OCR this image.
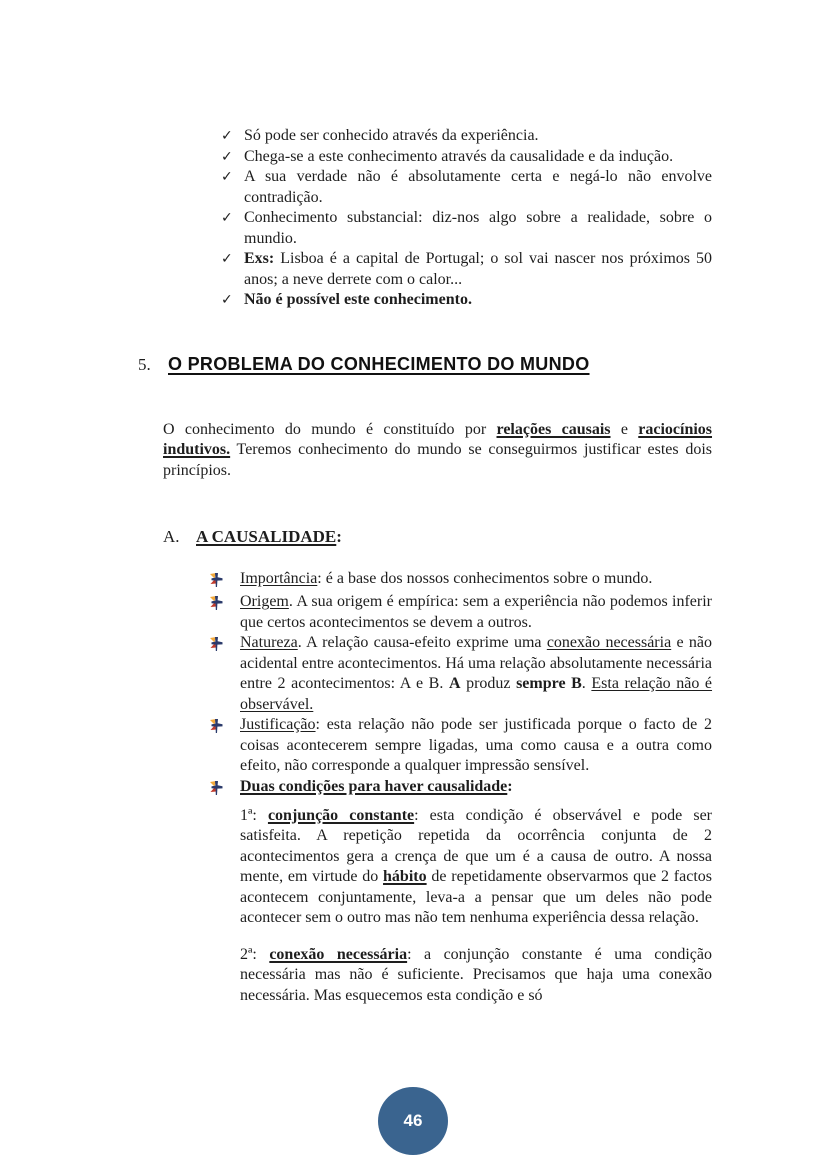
✓ Só pode ser conhecido através da experiência.
✓ Chega-se a este conhecimento através da causalidade e da indução.
✓ A sua verdade não é absolutamente certa e negá-lo não envolve contradição.
✓ Conhecimento substancial: diz-nos algo sobre a realidade, sobre o mundio.
✓ Exs: Lisboa é a capital de Portugal; o sol vai nascer nos próximos 50 anos; a neve derrete com o calor...
✓ Não é possível este conhecimento.
5. O PROBLEMA DO CONHECIMENTO DO MUNDO

O conhecimento do mundo é constituído por relações causais e raciocínios indutivos. Teremos conhecimento do mundo se conseguirmos justificar estes dois princípios.

A. A CAUSALIDADE:
Importância: é a base dos nossos conhecimentos sobre o mundo.
Origem. A sua origem é empírica: sem a experiência não podemos inferir que certos acontecimentos se devem a outros.
Natureza. A relação causa-efeito exprime uma conexão necessária e não acidental entre acontecimentos. Há uma relação absolutamente necessária entre 2 acontecimentos: A e B. A produz sempre B. Esta relação não é observável.
Justificação: esta relação não pode ser justificada porque o facto de 2 coisas acontecerem sempre ligadas, uma como causa e a outra como efeito, não corresponde a qualquer impressão sensível.
Duas condições para haver causalidade:

1ª: conjunção constante: esta condição é observável e pode ser satisfeita. A repetição repetida da ocorrência conjunta de 2 acontecimentos gera a crença de que um é a causa de outro. A nossa mente, em virtude do hábito de repetidamente observarmos que 2 factos acontecem conjuntamente, leva-a a pensar que um deles não pode acontecer sem o outro mas não tem nenhuma experiência dessa relação.

2ª: conexão necessária: a conjunção constante é uma condição necessária mas não é suficiente. Precisamos que haja uma conexão necessária. Mas esquecemos esta condição e só

46
